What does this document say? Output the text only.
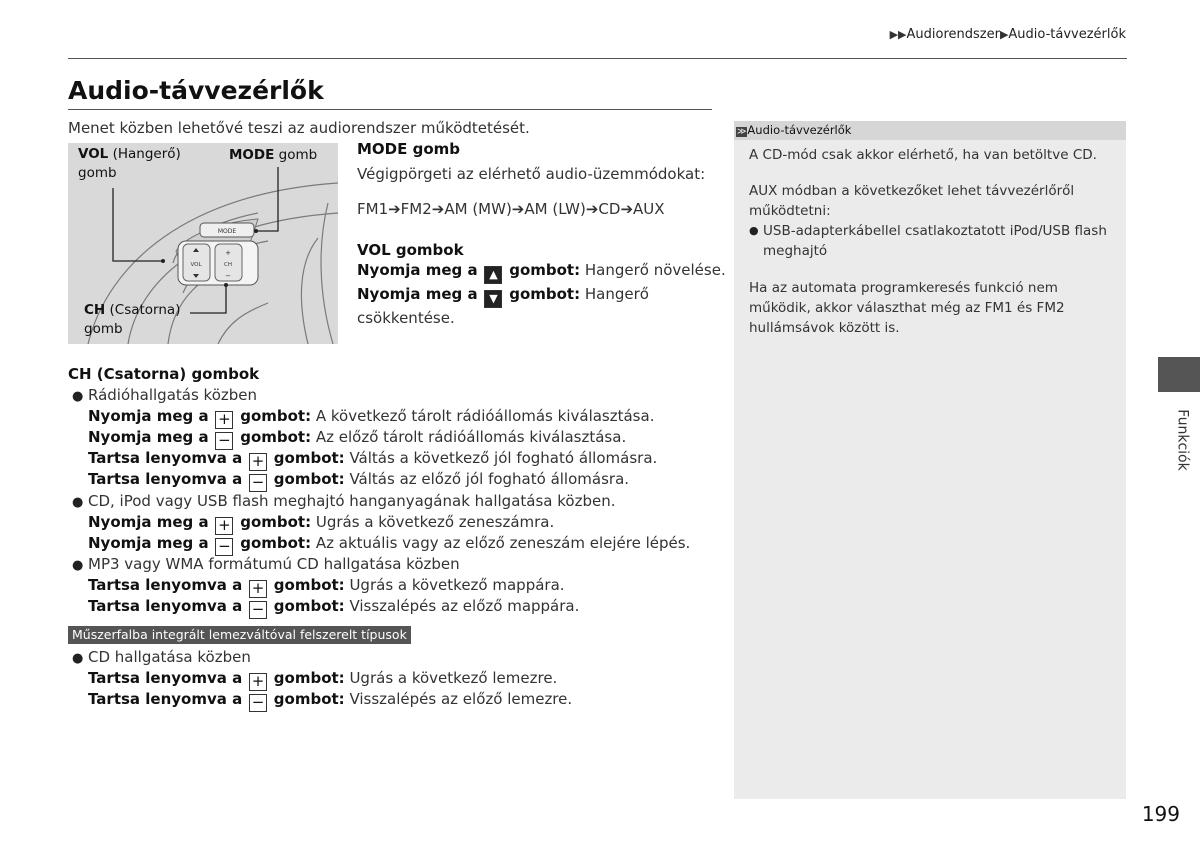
▶▶Audiorendszer▶Audio-távvezérlők
Audio-távvezérlők
Menet közben lehetővé teszi az audiorendszer működtetését.
MODE
VOL	CH
+
−
VOL (Hangerő)
gomb
MODE gomb
CH (Csatorna)
gomb
MODE gomb
Végigpörgeti az elérhető audio-üzemmódokat:
FM1➔FM2➔AM (MW)➔AM (LW)➔CD➔AUX
VOL gombok
Nyomja meg a ▲ gombot: Hangerő növelése.
Nyomja meg a ▼ gombot: Hangerő
csökkentése.
CH (Csatorna) gombok
● Rádióhallgatás közben
Nyomja meg a + gombot: A következő tárolt rádióállomás kiválasztása.
Nyomja meg a − gombot: Az előző tárolt rádióállomás kiválasztása.
Tartsa lenyomva a + gombot: Váltás a következő jól fogható állomásra.
Tartsa lenyomva a − gombot: Váltás az előző jól fogható állomásra.
● CD, iPod vagy USB flash meghajtó hanganyagának hallgatása közben.
Nyomja meg a + gombot: Ugrás a következő zeneszámra.
Nyomja meg a − gombot: Az aktuális vagy az előző zeneszám elejére lépés.
● MP3 vagy WMA formátumú CD hallgatása közben
Tartsa lenyomva a + gombot: Ugrás a következő mappára.
Tartsa lenyomva a − gombot: Visszalépés az előző mappára.
Műszerfalba integrált lemezváltóval felszerelt típusok
● CD hallgatása közben
Tartsa lenyomva a + gombot: Ugrás a következő lemezre.
Tartsa lenyomva a − gombot: Visszalépés az előző lemezre.
≫Audio-távvezérlők
A CD-mód csak akkor elérhető, ha van betöltve CD.
AUX módban a következőket lehet távvezérlőről működtetni:
● USB-adapterkábellel csatlakoztatott iPod/USB flash meghajtó
Ha az automata programkeresés funkció nem működik, akkor választhat még az FM1 és FM2 hullámsávok között is.
Funkciók
199
